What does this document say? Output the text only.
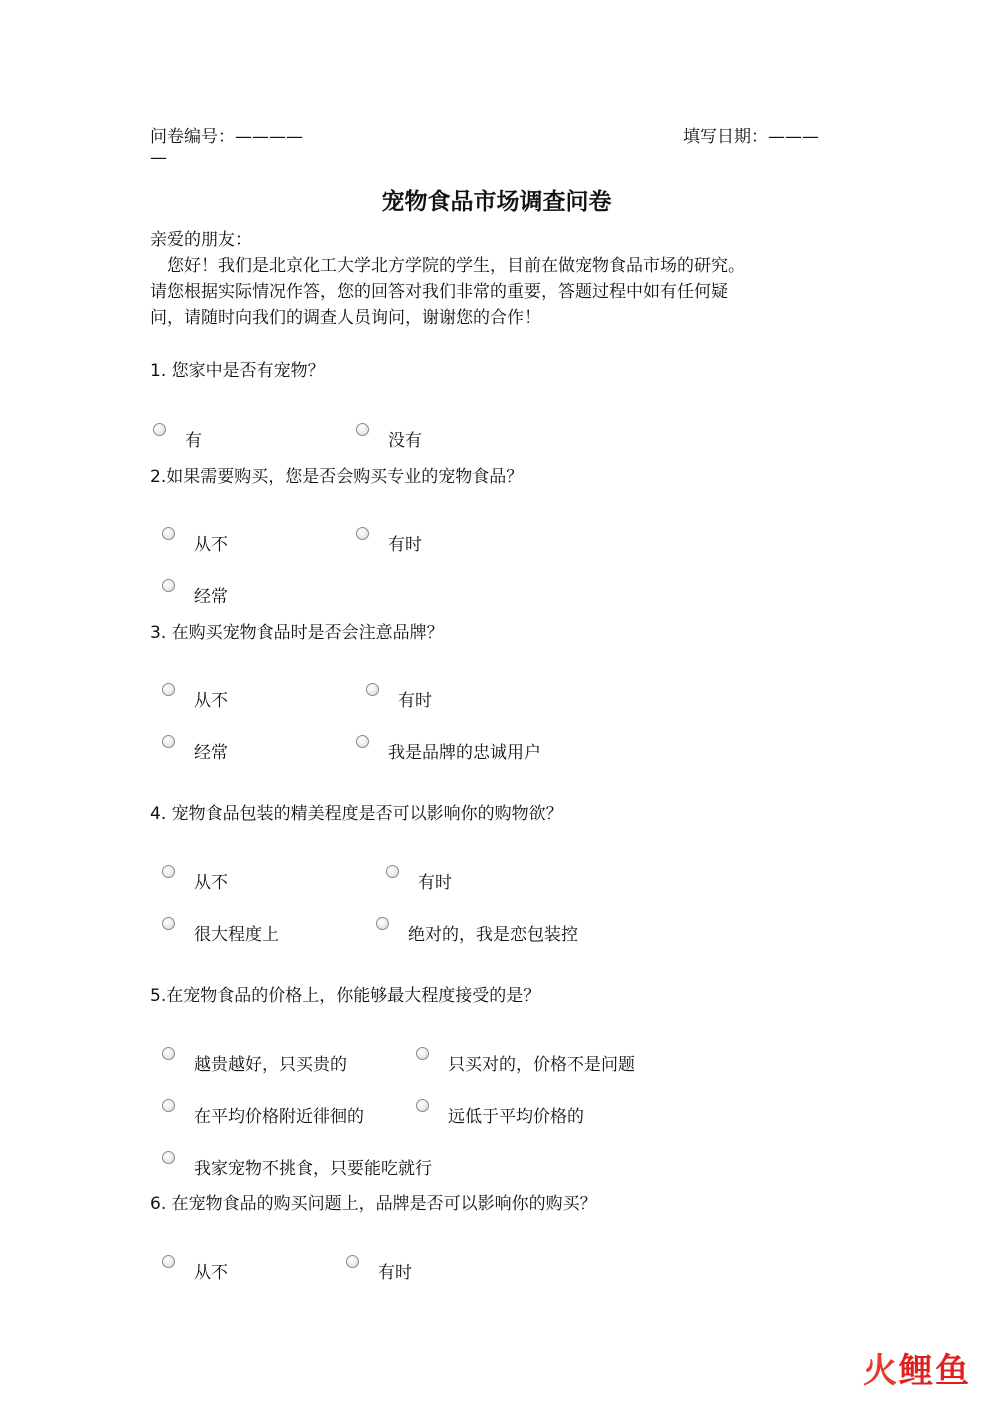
问卷编号：————
—
填写日期：———
宠物食品市场调查问卷
亲爱的朋友：
　您好！我们是北京化工大学北方学院的学生，目前在做宠物食品市场的研究。
请您根据实际情况作答，您的回答对我们非常的重要，答题过程中如有任何疑
问，请随时向我们的调查人员询问，谢谢您的合作！
1. 您家中是否有宠物？
有	没有
2.如果需要购买，您是否会购买专业的宠物食品？
从不	有时
经常
3. 在购买宠物食品时是否会注意品牌？
从不	有时
经常	我是品牌的忠诚用户
4. 宠物食品包装的精美程度是否可以影响你的购物欲？
从不	有时
很大程度上	绝对的，我是恋包装控
5.在宠物食品的价格上，你能够最大程度接受的是？
越贵越好，只买贵的	只买对的，价格不是问题
在平均价格附近徘徊的	远低于平均价格的
我家宠物不挑食，只要能吃就行
6. 在宠物食品的购买问题上，品牌是否可以影响你的购买？
从不	有时
火鲤鱼
